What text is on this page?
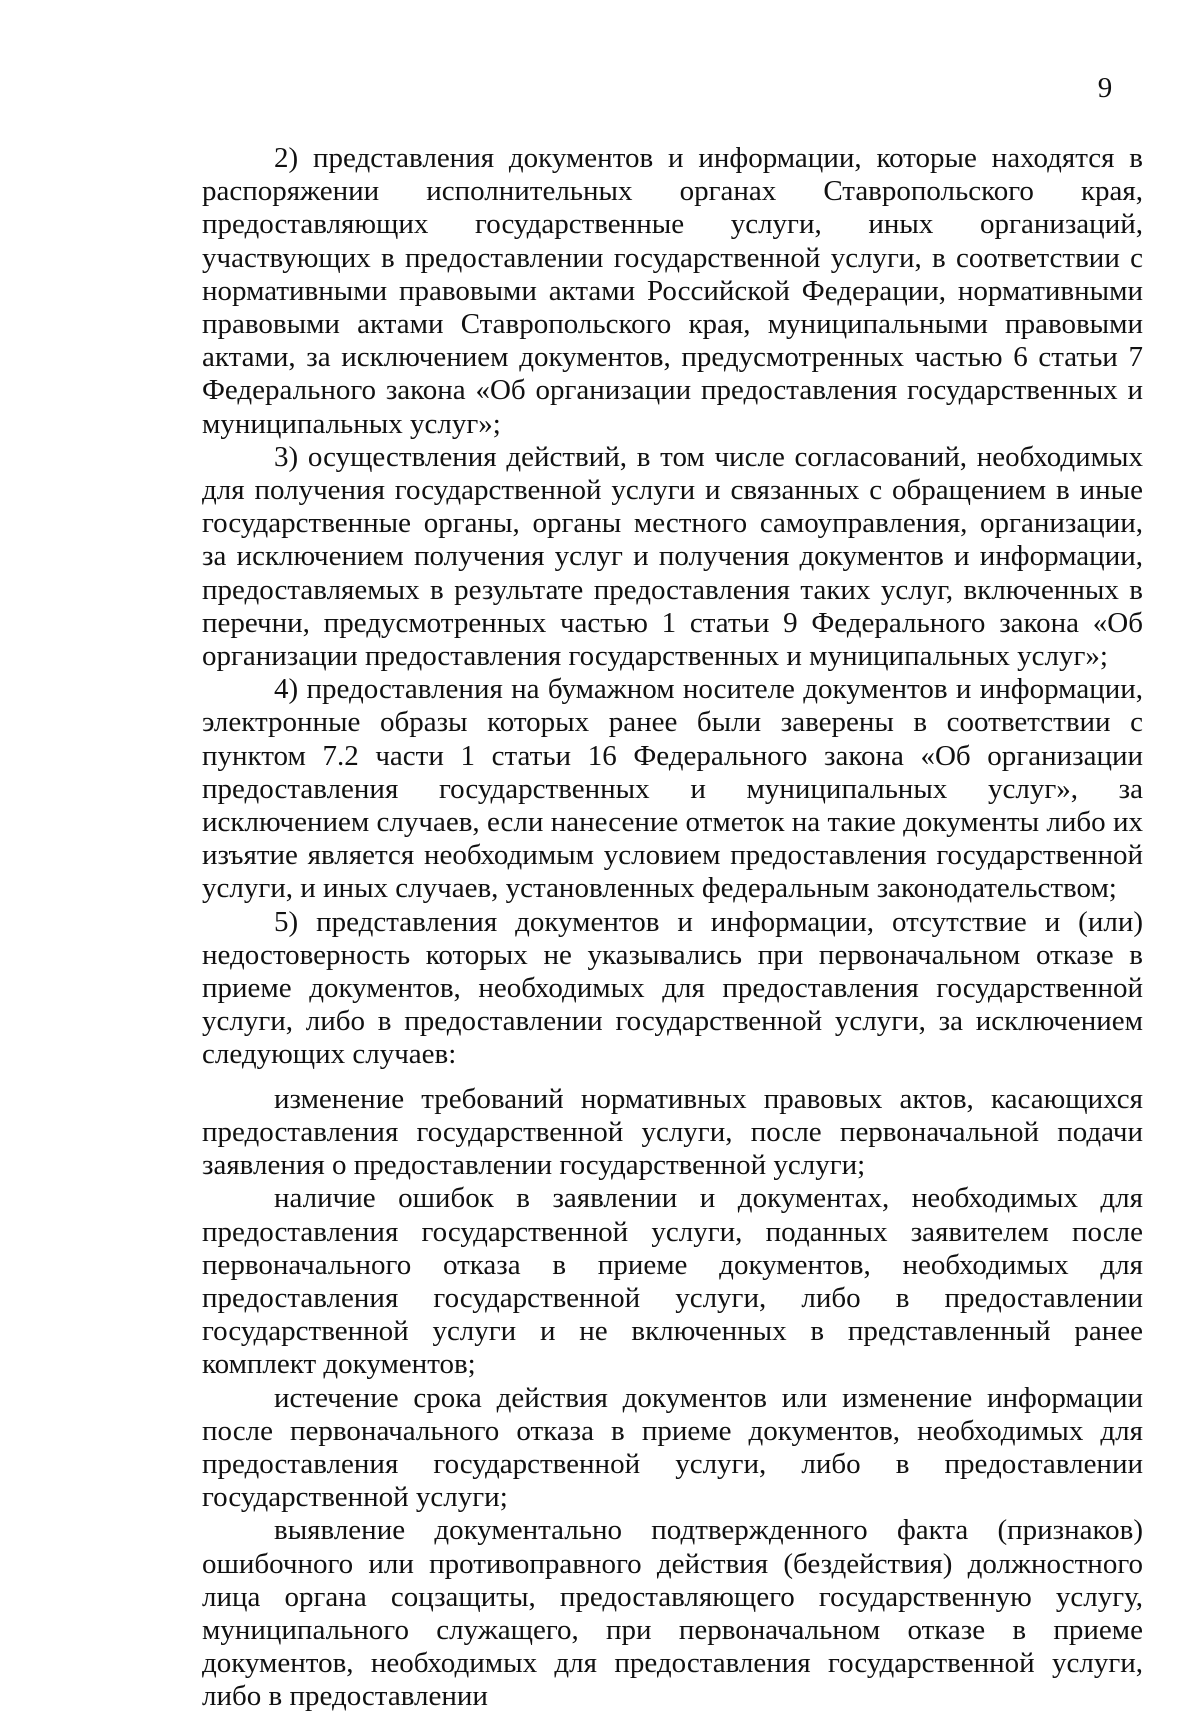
9

2) представления документов и информации, которые находятся в распоряжении исполнительных органах Ставропольского края, предоставляющих государственные услуги, иных организаций, участвующих в предоставлении государственной услуги, в соответствии с нормативными правовыми актами Российской Федерации, нормативными правовыми актами Ставропольского края, муниципальными правовыми актами, за исключением документов, предусмотренных частью 6 статьи 7 Федерального закона «Об организации предоставления государственных и муниципальных услуг»;

3) осуществления действий, в том числе согласований, необходимых для получения государственной услуги и связанных с обращением в иные государственные органы, органы местного самоуправления, организации, за исключением получения услуг и получения документов и информации, предоставляемых в результате предоставления таких услуг, включенных в перечни, предусмотренных частью 1 статьи 9 Федерального закона «Об организации предоставления государственных и муниципальных услуг»;

4) предоставления на бумажном носителе документов и информации, электронные образы которых ранее были заверены в соответствии с пунктом 7.2 части 1 статьи 16 Федерального закона «Об организации предоставления государственных и муниципальных услуг», за исключением случаев, если нанесение отметок на такие документы либо их изъятие является необходимым условием предоставления государственной услуги, и иных случаев, установленных федеральным законодательством;

5) представления документов и информации, отсутствие и (или) недостоверность которых не указывались при первоначальном отказе в приеме документов, необходимых для предоставления государственной услуги, либо в предоставлении государственной услуги, за исключением следующих случаев:

изменение требований нормативных правовых актов, касающихся предоставления государственной услуги, после первоначальной подачи заявления о предоставлении государственной услуги;

наличие ошибок в заявлении и документах, необходимых для предоставления государственной услуги, поданных заявителем после первоначального отказа в приеме документов, необходимых для предоставления государственной услуги, либо в предоставлении государственной услуги и не включенных в представленный ранее комплект документов;

истечение срока действия документов или изменение информации после первоначального отказа в приеме документов, необходимых для предоставления государственной услуги, либо в предоставлении государственной услуги;

выявление документально подтвержденного факта (признаков) ошибочного или противоправного действия (бездействия) должностного лица органа соцзащиты, предоставляющего государственную услугу, муниципального служащего, при первоначальном отказе в приеме документов, необходимых для предоставления государственной услуги, либо в предоставлении
